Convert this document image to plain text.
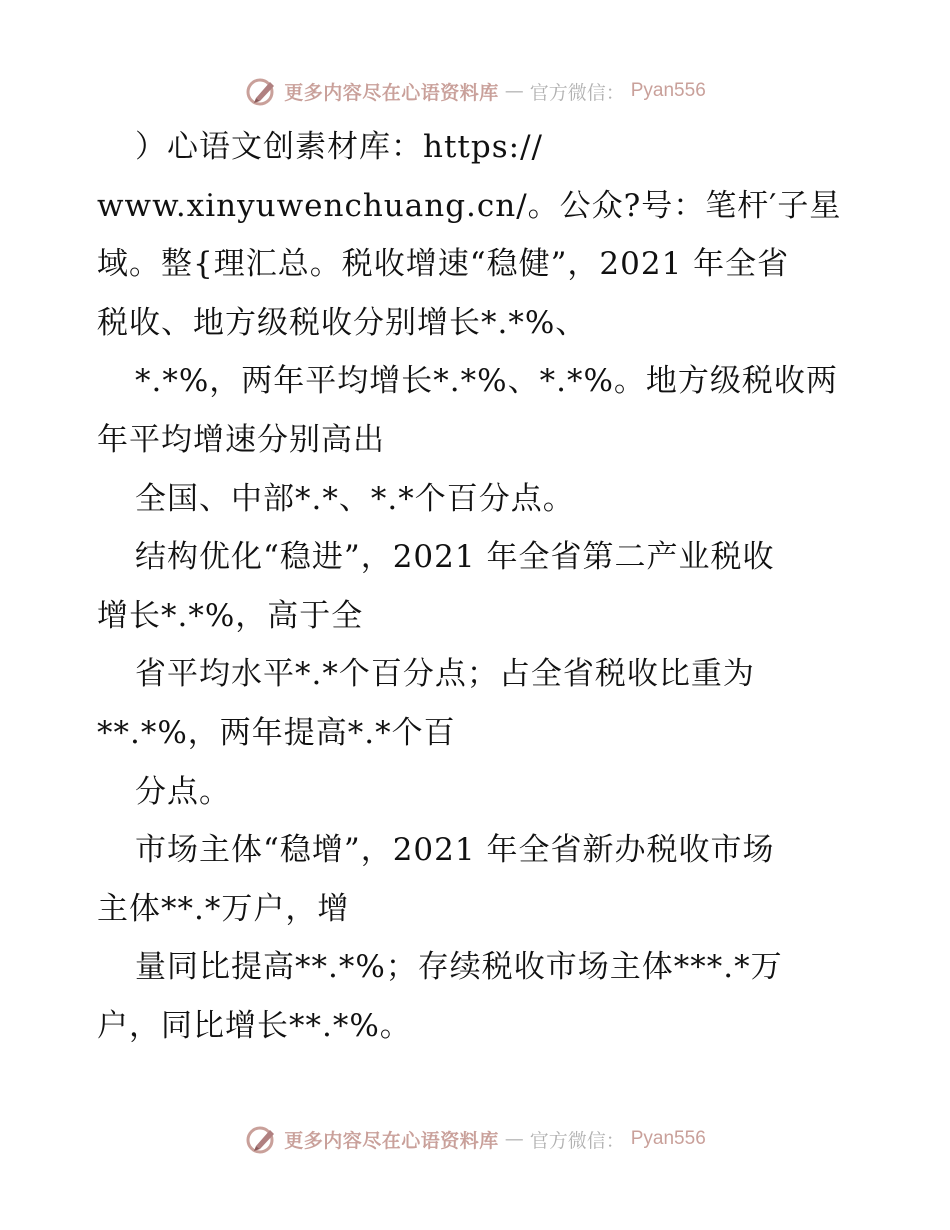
更多内容尽在心语资料库 — 官方微信： Pyan556
）心语文创素材库：https://
www.xinyuwenchuang.cn/。公众?号：笔杆′子星
域。整{理汇总。税收增速“稳健”，2021 年全省
税收、地方级税收分别增长*.*%、
*.*%，两年平均增长*.*%、*.*%。地方级税收两
年平均增速分别高出
全国、中部*.*、*.*个百分点。
结构优化“稳进”，2021 年全省第二产业税收
增长*.*%，高于全
省平均水平*.*个百分点；占全省税收比重为
**.*%，两年提高*.*个百
分点。
市场主体“稳增”，2021 年全省新办税收市场
主体**.*万户，增
量同比提高**.*%；存续税收市场主体***.*万
户，同比增长**.*%。
更多内容尽在心语资料库 — 官方微信： Pyan556
